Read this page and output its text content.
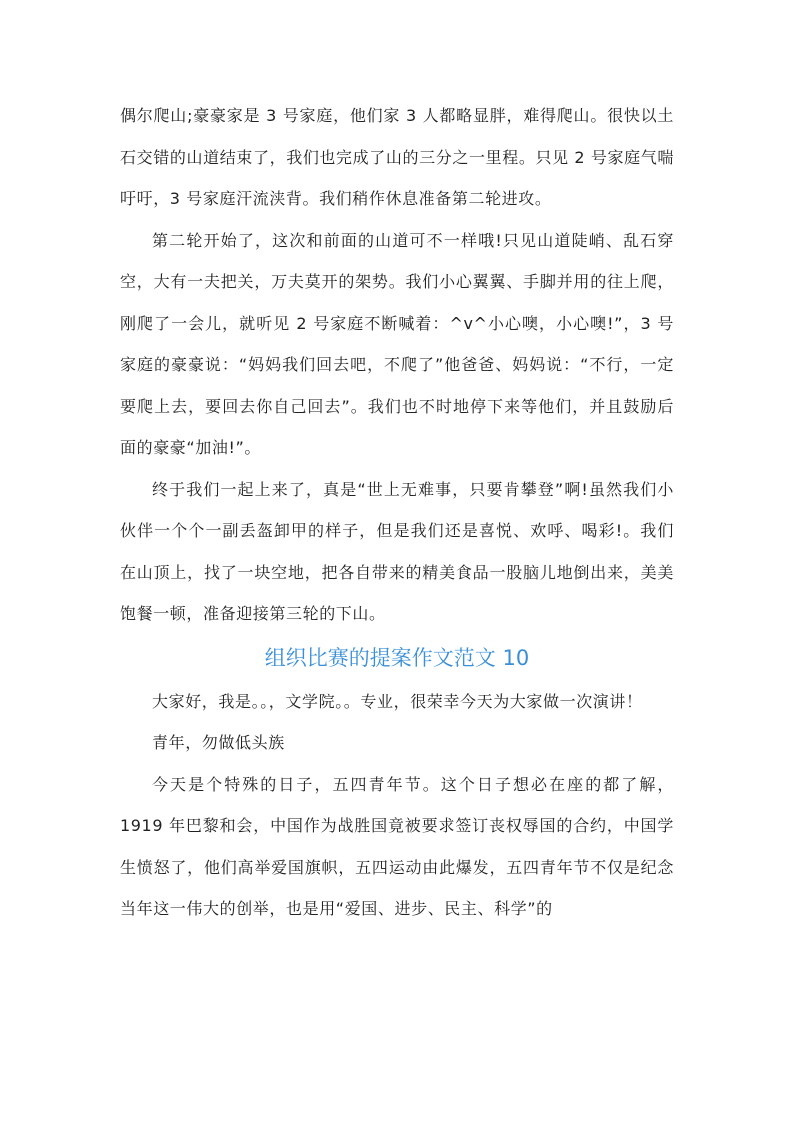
偶尔爬山;豪豪家是 3 号家庭，他们家 3 人都略显胖，难得爬山。很快以土石交错的山道结束了，我们也完成了山的三分之一里程。只见 2 号家庭气喘吁吁，3 号家庭汗流浃背。我们稍作休息准备第二轮进攻。

第二轮开始了，这次和前面的山道可不一样哦!只见山道陡峭、乱石穿空，大有一夫把关，万夫莫开的架势。我们小心翼翼、手脚并用的往上爬，刚爬了一会儿，就听见 2 号家庭不断喊着：^v^小心噢，小心噢!”，3 号家庭的豪豪说：“妈妈我们回去吧，不爬了”他爸爸、妈妈说：“不行，一定要爬上去，要回去你自己回去”。我们也不时地停下来等他们，并且鼓励后面的豪豪“加油!”。

终于我们一起上来了，真是“世上无难事，只要肯攀登”啊!虽然我们小伙伴一个个一副丢盔卸甲的样子，但是我们还是喜悦、欢呼、喝彩!。我们在山顶上，找了一块空地，把各自带来的精美食品一股脑儿地倒出来，美美饱餐一顿，准备迎接第三轮的下山。

组织比赛的提案作文范文 10

大家好，我是。。，文学院。。专业，很荣幸今天为大家做一次演讲！

青年，勿做低头族

今天是个特殊的日子，五四青年节。这个日子想必在座的都了解，1919 年巴黎和会，中国作为战胜国竟被要求签订丧权辱国的合约，中国学生愤怒了，他们高举爱国旗帜，五四运动由此爆发，五四青年节不仅是纪念当年这一伟大的创举，也是用“爱国、进步、民主、科学”的
